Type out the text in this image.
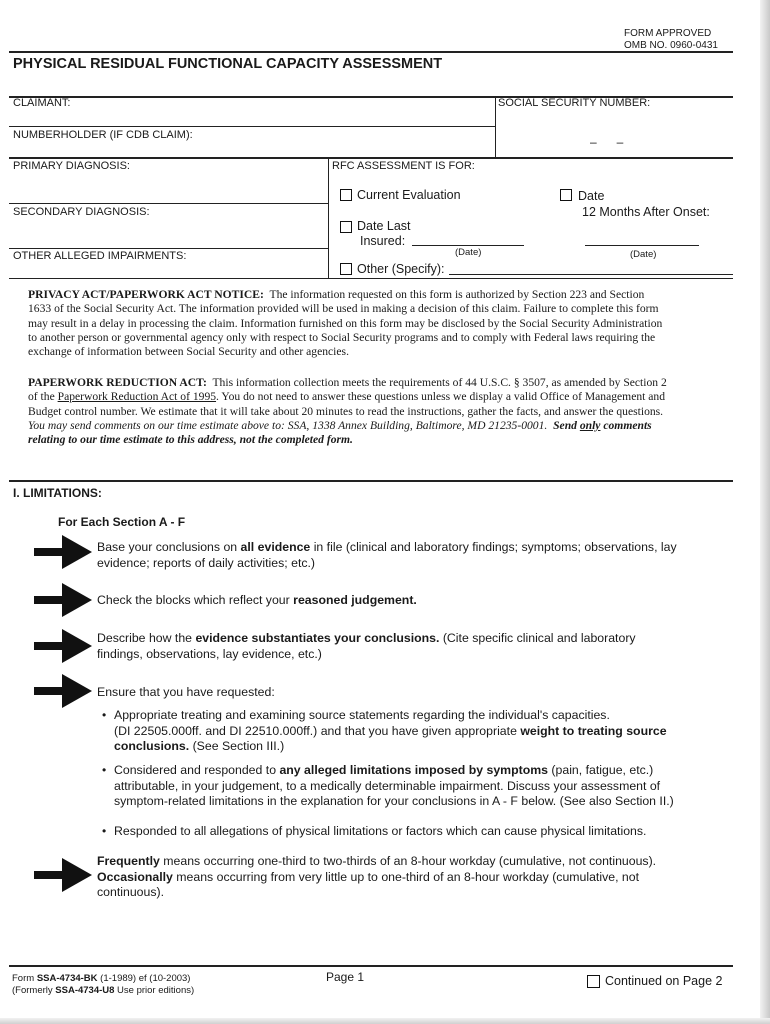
FORM APPROVED
OMB NO. 0960-0431
PHYSICAL RESIDUAL FUNCTIONAL CAPACITY ASSESSMENT
CLAIMANT:	SOCIAL SECURITY NUMBER:
NUMBERHOLDER (IF CDB CLAIM):	–      –
PRIMARY DIAGNOSIS:	RFC ASSESSMENT IS FOR:
SECONDARY DIAGNOSIS:
OTHER ALLEGED IMPAIRMENTS:
Current Evaluation	Date
12 Months After Onset:
Date Last
Insured:
(Date)	(Date)
Other (Specify):
PRIVACY ACT/PAPERWORK ACT NOTICE: The information requested on this form is authorized by Section 223 and Section
1633 of the Social Security Act. The information provided will be used in making a decision of this claim. Failure to complete this form
may result in a delay in processing the claim. Information furnished on this form may be disclosed by the Social Security Administration
to another person or governmental agency only with respect to Social Security programs and to comply with Federal laws requiring the
exchange of information between Social Security and other agencies.
PAPERWORK REDUCTION ACT: This information collection meets the requirements of 44 U.S.C. § 3507, as amended by Section 2
of the Paperwork Reduction Act of 1995. You do not need to answer these questions unless we display a valid Office of Management and
Budget control number. We estimate that it will take about 20 minutes to read the instructions, gather the facts, and answer the questions.
You may send comments on our time estimate above to: SSA, 1338 Annex Building, Baltimore, MD 21235-0001. Send only comments
relating to our time estimate to this address, not the completed form.
I. LIMITATIONS:
For Each Section A - F
Base your conclusions on all evidence in file (clinical and laboratory findings; symptoms; observations, lay
evidence; reports of daily activities; etc.)
Check the blocks which reflect your reasoned judgement.
Describe how the evidence substantiates your conclusions. (Cite specific clinical and laboratory
findings, observations, lay evidence, etc.)
Ensure that you have requested:
• Appropriate treating and examining source statements regarding the individual's capacities.
(DI 22505.000ff. and DI 22510.000ff.) and that you have given appropriate weight to treating source
conclusions. (See Section III.)
• Considered and responded to any alleged limitations imposed by symptoms (pain, fatigue, etc.)
attributable, in your judgement, to a medically determinable impairment. Discuss your assessment of
symptom-related limitations in the explanation for your conclusions in A - F below. (See also Section II.)
• Responded to all allegations of physical limitations or factors which can cause physical limitations.
Frequently means occurring one-third to two-thirds of an 8-hour workday (cumulative, not continuous).
Occasionally means occurring from very little up to one-third of an 8-hour workday (cumulative, not
continuous).
Form SSA-4734-BK (1-1989) ef (10-2003)
(Formerly SSA-4734-U8 Use prior editions)
Page 1	Continued on Page 2
